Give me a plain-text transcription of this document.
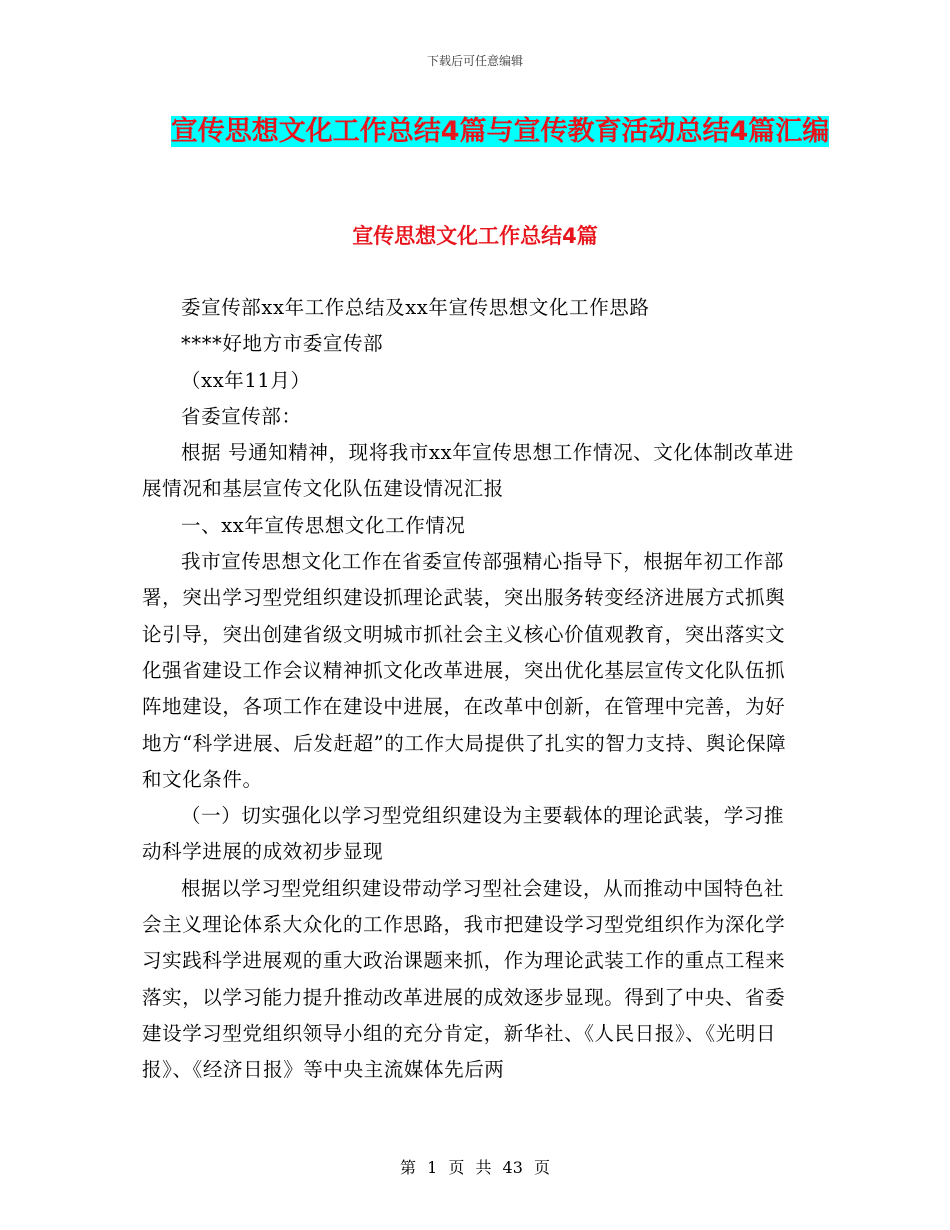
下载后可任意编辑
宣传思想文化工作总结4篇与宣传教育活动总结4篇汇编
宣传思想文化工作总结4篇

委宣传部xx年工作总结及xx年宣传思想文化工作思路

****好地方市委宣传部

（xx年11月）

省委宣传部：

根据 号通知精神，现将我市xx年宣传思想工作情况、文化体制改革进展情况和基层宣传文化队伍建设情况汇报

一、xx年宣传思想文化工作情况

我市宣传思想文化工作在省委宣传部强精心指导下，根据年初工作部署，突出学习型党组织建设抓理论武装，突出服务转变经济进展方式抓舆论引导，突出创建省级文明城市抓社会主义核心价值观教育，突出落实文化强省建设工作会议精神抓文化改革进展，突出优化基层宣传文化队伍抓阵地建设，各项工作在建设中进展，在改革中创新，在管理中完善，为好地方“科学进展、后发赶超”的工作大局提供了扎实的智力支持、舆论保障和文化条件。

（一）切实强化以学习型党组织建设为主要载体的理论武装，学习推动科学进展的成效初步显现

根据以学习型党组织建设带动学习型社会建设，从而推动中国特色社会主义理论体系大众化的工作思路，我市把建设学习型党组织作为深化学习实践科学进展观的重大政治课题来抓，作为理论武装工作的重点工程来落实，以学习能力提升推动改革进展的成效逐步显现。得到了中央、省委建设学习型党组织领导小组的充分肯定，新华社、《人民日报》、《光明日报》、《经济日报》等中央主流媒体先后两

第 1 页 共 43 页
